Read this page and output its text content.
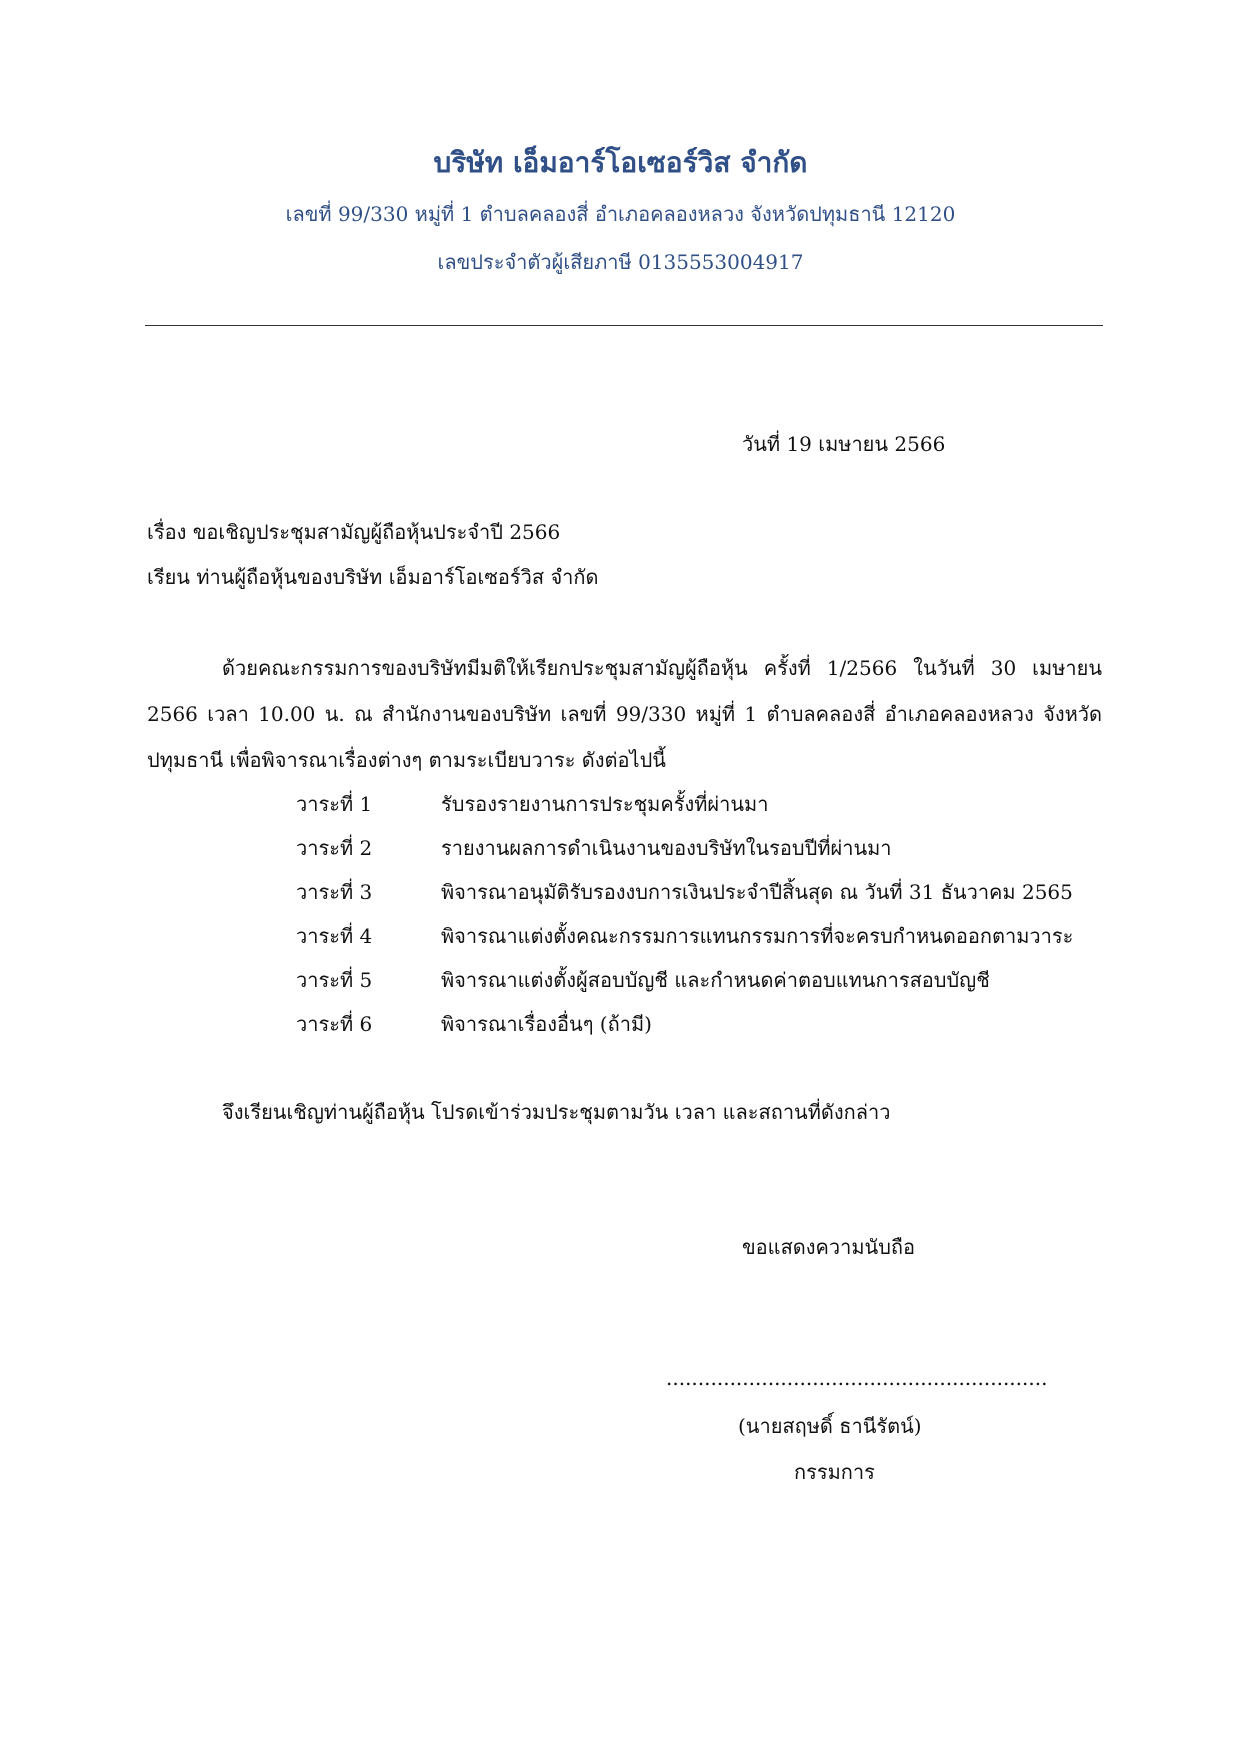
บริษัท เอ็มอาร์โอเซอร์วิส จำกัด
เลขที่ 99/330 หมู่ที่ 1 ตำบลคลองสี่ อำเภอคลองหลวง จังหวัดปทุมธานี 12120
เลขประจำตัวผู้เสียภาษี 0135553004917
วันที่ 19 เมษายน 2566
เรื่อง ขอเชิญประชุมสามัญผู้ถือหุ้นประจำปี 2566
เรียน ท่านผู้ถือหุ้นของบริษัท เอ็มอาร์โอเซอร์วิส จำกัด
ด้วยคณะกรรมการของบริษัทมีมติให้เรียกประชุมสามัญผู้ถือหุ้น ครั้งที่ 1/2566 ในวันที่ 30 เมษายน 2566 เวลา 10.00 น. ณ สำนักงานของบริษัท เลขที่ 99/330 หมู่ที่ 1 ตำบลคลองสี่ อำเภอคลองหลวง จังหวัดปทุมธานี เพื่อพิจารณาเรื่องต่างๆ ตามระเบียบวาระ ดังต่อไปนี้
วาระที่ 1	รับรองรายงานการประชุมครั้งที่ผ่านมา
วาระที่ 2	รายงานผลการดำเนินงานของบริษัทในรอบปีที่ผ่านมา
วาระที่ 3	พิจารณาอนุมัติรับรองงบการเงินประจำปีสิ้นสุด ณ วันที่ 31 ธันวาคม 2565
วาระที่ 4	พิจารณาแต่งตั้งคณะกรรมการแทนกรรมการที่จะครบกำหนดออกตามวาระ
วาระที่ 5	พิจารณาแต่งตั้งผู้สอบบัญชี และกำหนดค่าตอบแทนการสอบบัญชี
วาระที่ 6	พิจารณาเรื่องอื่นๆ (ถ้ามี)
จึงเรียนเชิญท่านผู้ถือหุ้น โปรดเข้าร่วมประชุมตามวัน เวลา และสถานที่ดังกล่าว
ขอแสดงความนับถือ
............................................................
(นายสฤษดิ์ ธานีรัตน์)
กรรมการ
